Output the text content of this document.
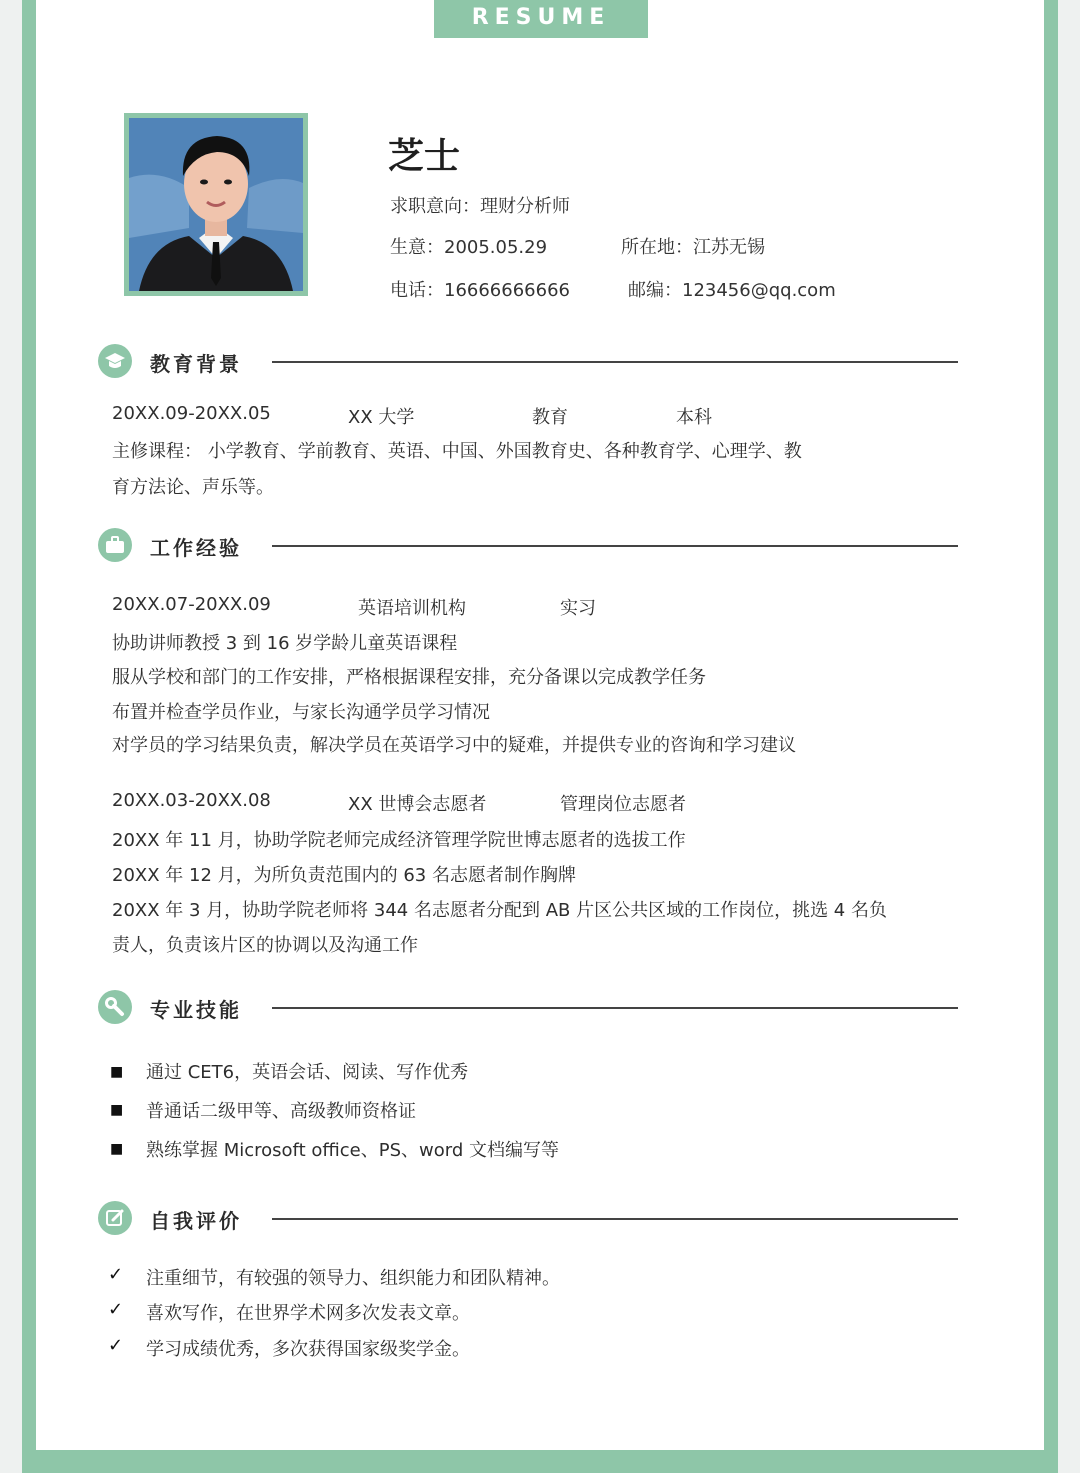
RESUME
芝士
求职意向：理财分析师
生意：2005.05.29	所在地：江苏无锡
电话：16666666666	邮编：123456@qq.com
教育背景
20XX.09-20XX.05	XX 大学	教育	本科
主修课程： 小学教育、学前教育、英语、中国、外国教育史、各种教育学、心理学、教
育方法论、声乐等。
工作经验
20XX.07-20XX.09	英语培训机构	实习
协助讲师教授 3 到 16 岁学龄儿童英语课程
服从学校和部门的工作安排，严格根据课程安排，充分备课以完成教学任务
布置并检查学员作业，与家长沟通学员学习情况
对学员的学习结果负责，解决学员在英语学习中的疑难，并提供专业的咨询和学习建议
20XX.03-20XX.08	XX 世博会志愿者	管理岗位志愿者
20XX 年 11 月，协助学院老师完成经济管理学院世博志愿者的选拔工作
20XX 年 12 月，为所负责范围内的 63 名志愿者制作胸牌
20XX 年 3 月，协助学院老师将 344 名志愿者分配到 AB 片区公共区域的工作岗位，挑选 4 名负
责人，负责该片区的协调以及沟通工作
专业技能
■ 通过 CET6，英语会话、阅读、写作优秀
■ 普通话二级甲等、高级教师资格证
■ 熟练掌握 Microsoft office、PS、word 文档编写等
自我评价
✓ 注重细节，有较强的领导力、组织能力和团队精神。
✓ 喜欢写作，在世界学术网多次发表文章。
✓ 学习成绩优秀，多次获得国家级奖学金。
